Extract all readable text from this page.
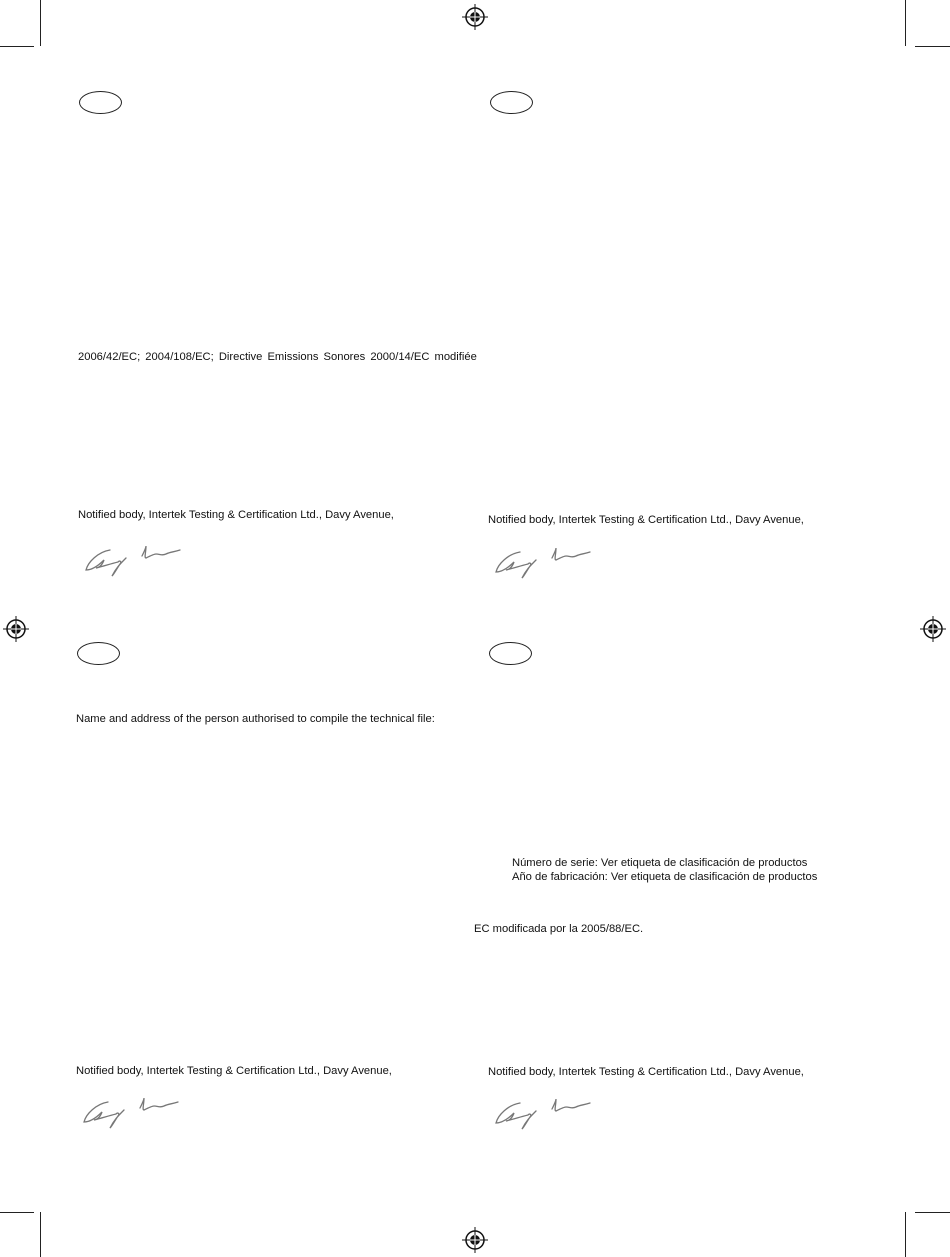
2006/42/EC; 2004/108/EC; Directive Emissions Sonores 2000/14/EC modifiée
Notified body, Intertek Testing & Certification Ltd., Davy Avenue,	Notified body, Intertek Testing & Certification Ltd., Davy Avenue,
Name and address of the person authorised to compile the technical file:
Notified body, Intertek Testing & Certification Ltd., Davy Avenue,
Número de serie: Ver etiqueta de clasificación de productos
Año de fabricación: Ver etiqueta de clasificación de productos
EC modificada por la 2005/88/EC.
Notified body, Intertek Testing & Certification Ltd., Davy Avenue,
